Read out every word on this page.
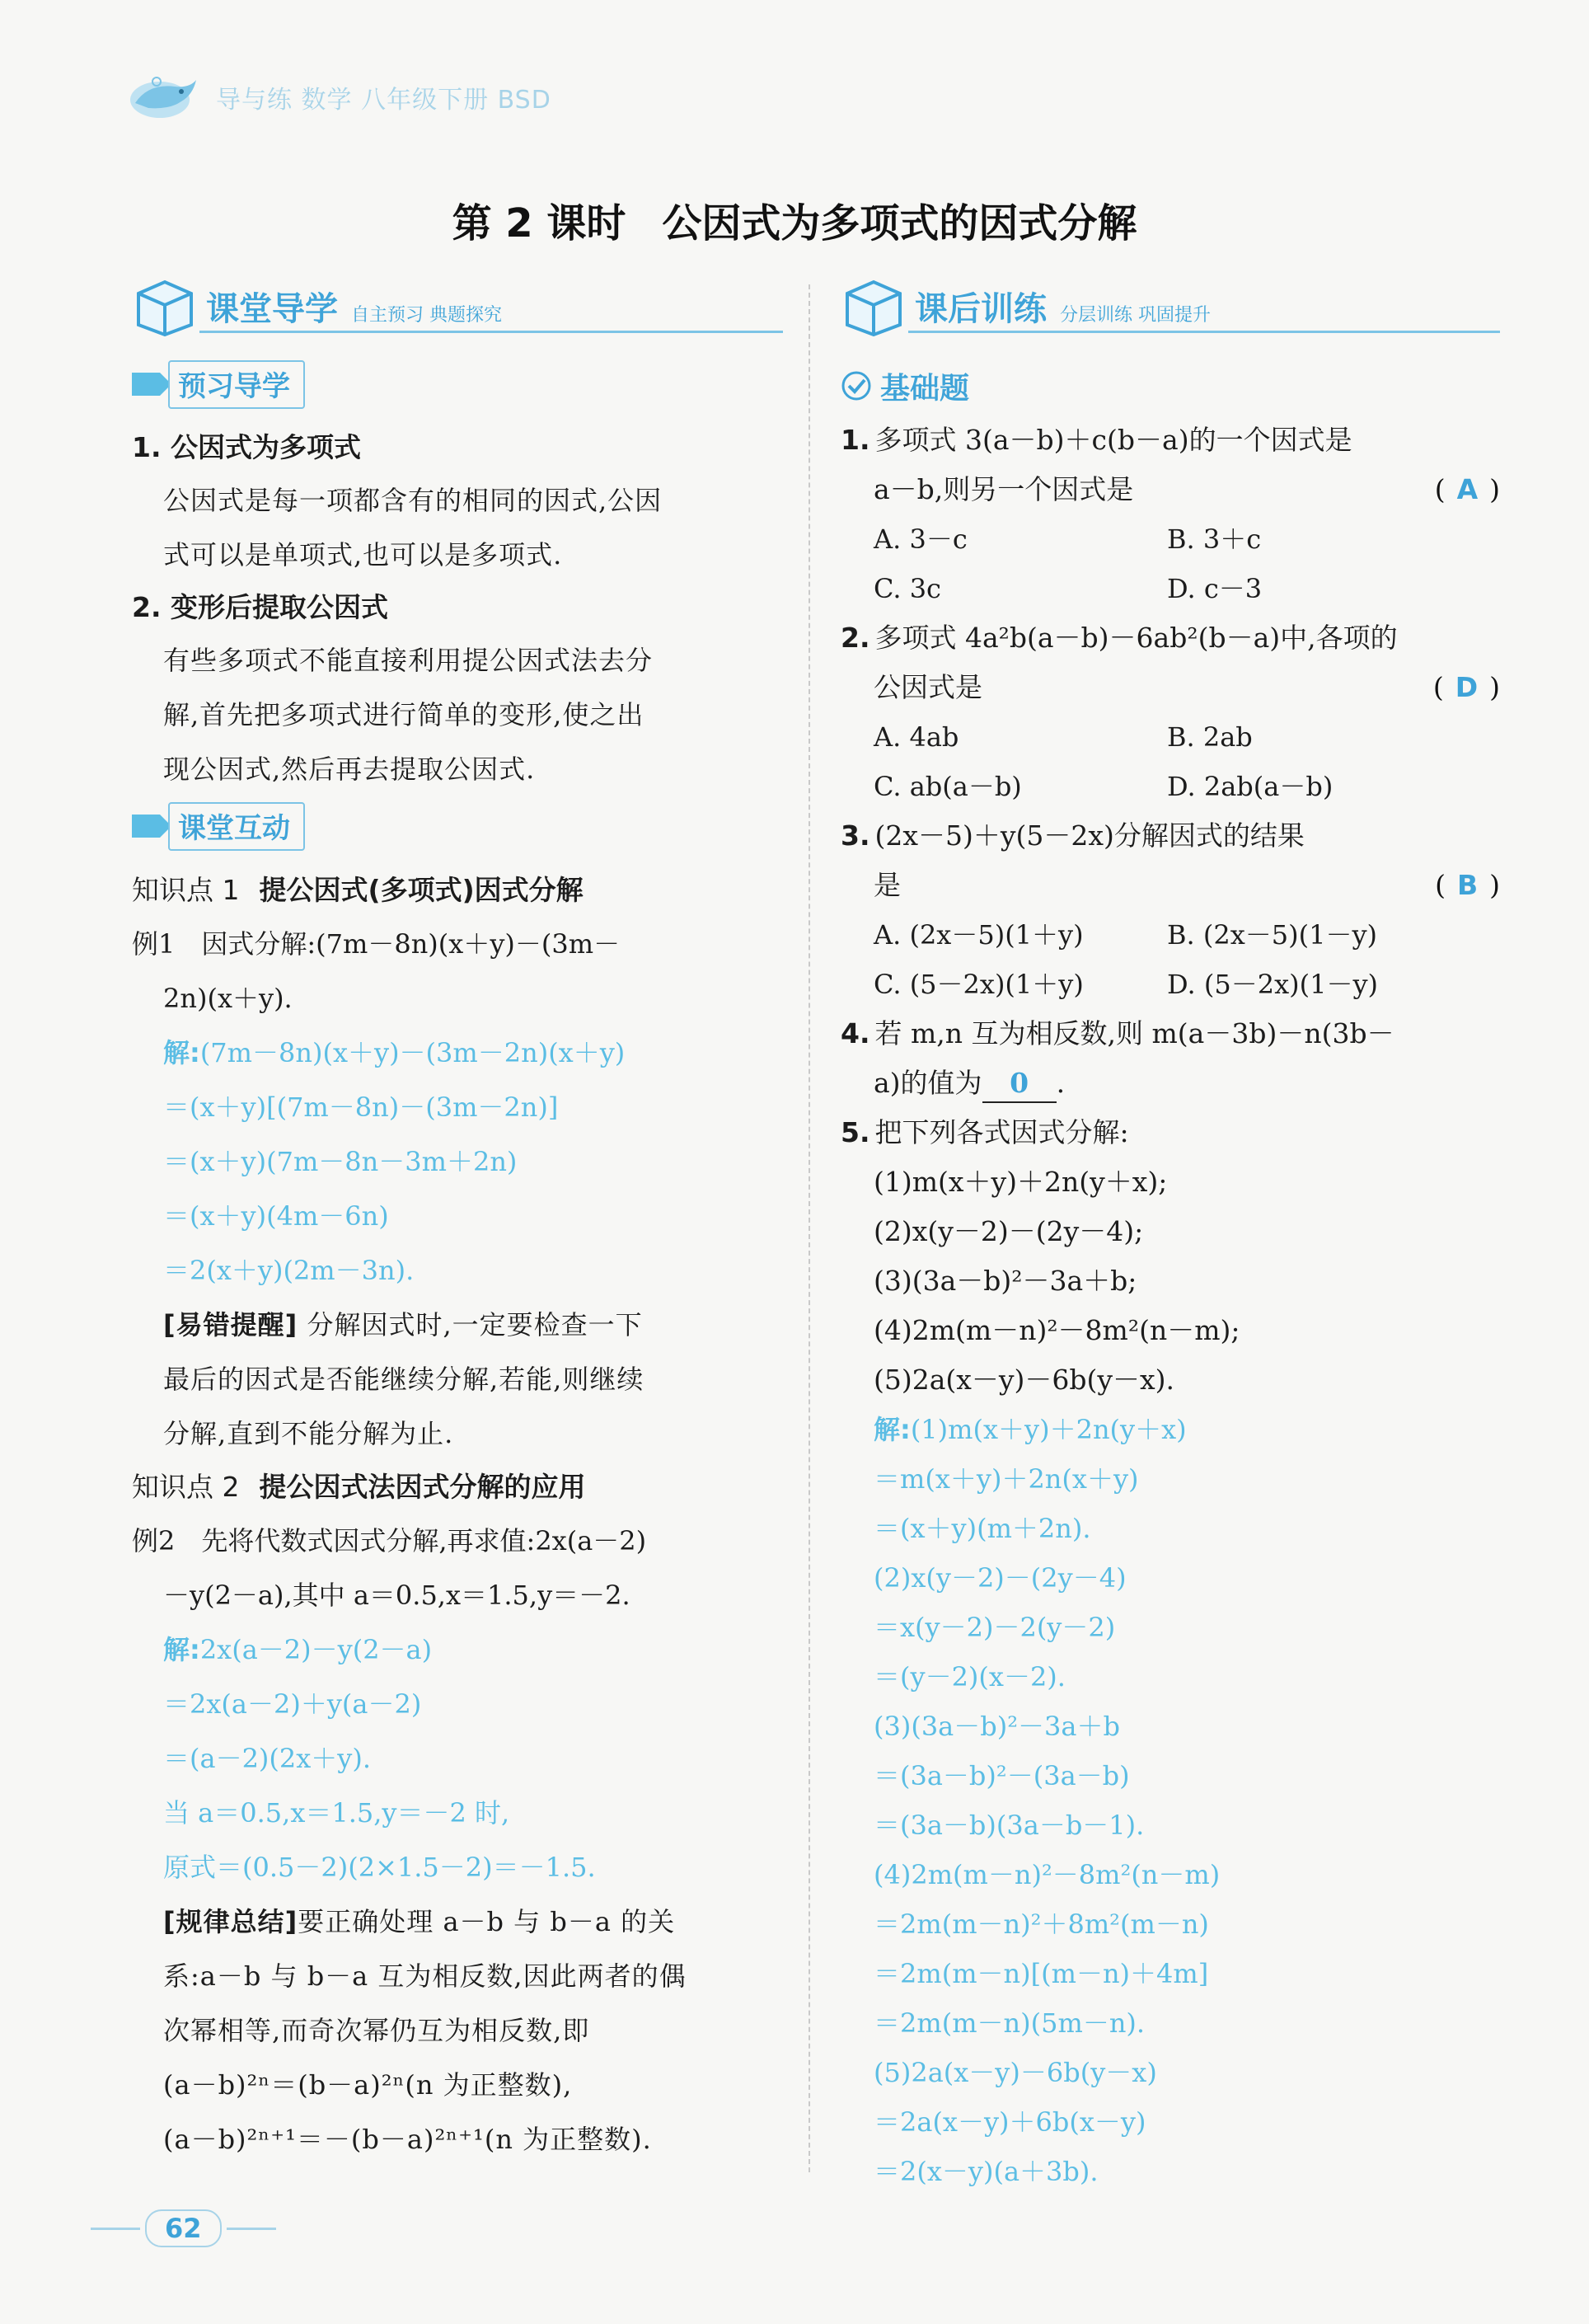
导与练 数学 八年级下册 BSD
第 2 课时 公因式为多项式的因式分解
课堂导学 自主预习 典题探究
预习导学
1. 公因式为多项式
公因式是每一项都含有的相同的因式,公因
式可以是单项式,也可以是多项式.
2. 变形后提取公因式
有些多项式不能直接利用提公因式法去分
解,首先把多项式进行简单的变形,使之出
现公因式,然后再去提取公因式.
课堂互动
知识点 1 提公因式(多项式)因式分解
例1　因式分解:(7m－8n)(x＋y)－(3m－
2n)(x＋y).
解:(7m－8n)(x＋y)－(3m－2n)(x＋y)
＝(x＋y)[(7m－8n)－(3m－2n)]
＝(x＋y)(7m－8n－3m＋2n)
＝(x＋y)(4m－6n)
＝2(x＋y)(2m－3n).
[易错提醒] 分解因式时,一定要检查一下
最后的因式是否能继续分解,若能,则继续
分解,直到不能分解为止.
知识点 2 提公因式法因式分解的应用
例2　先将代数式因式分解,再求值:2x(a－2)
－y(2－a),其中 a＝0.5,x＝1.5,y＝－2.
解:2x(a－2)－y(2－a)
＝2x(a－2)＋y(a－2)
＝(a－2)(2x＋y).
当 a＝0.5,x＝1.5,y＝－2 时,
原式＝(0.5－2)(2×1.5－2)＝－1.5.
[规律总结]要正确处理 a－b 与 b－a 的关
系:a－b 与 b－a 互为相反数,因此两者的偶
次幂相等,而奇次幂仍互为相反数,即
(a－b)²ⁿ＝(b－a)²ⁿ(n 为正整数),
(a－b)²ⁿ⁺¹＝－(b－a)²ⁿ⁺¹(n 为正整数).
课后训练 分层训练 巩固提升
基础题
1. 多项式 3(a－b)＋c(b－a)的一个因式是
a－b,则另一个因式是	( A )
A. 3－c	B. 3＋c
C. 3c	D. c－3
2. 多项式 4a²b(a－b)－6ab²(b－a)中,各项的
公因式是	( D )
A. 4ab	B. 2ab
C. ab(a－b)	D. 2ab(a－b)
3. (2x－5)＋y(5－2x)分解因式的结果
是	( B )
A. (2x－5)(1＋y)	B. (2x－5)(1－y)
C. (5－2x)(1＋y)	D. (5－2x)(1－y)
4. 若 m,n 互为相反数,则 m(a－3b)－n(3b－
a)的值为 0 .
5. 把下列各式因式分解:
(1)m(x＋y)＋2n(y＋x);
(2)x(y－2)－(2y－4);
(3)(3a－b)²－3a＋b;
(4)2m(m－n)²－8m²(n－m);
(5)2a(x－y)－6b(y－x).
解:(1)m(x＋y)＋2n(y＋x)
＝m(x＋y)＋2n(x＋y)
＝(x＋y)(m＋2n).
(2)x(y－2)－(2y－4)
＝x(y－2)－2(y－2)
＝(y－2)(x－2).
(3)(3a－b)²－3a＋b
＝(3a－b)²－(3a－b)
＝(3a－b)(3a－b－1).
(4)2m(m－n)²－8m²(n－m)
＝2m(m－n)²＋8m²(m－n)
＝2m(m－n)[(m－n)＋4m]
＝2m(m－n)(5m－n).
(5)2a(x－y)－6b(y－x)
＝2a(x－y)＋6b(x－y)
＝2(x－y)(a＋3b).
62
